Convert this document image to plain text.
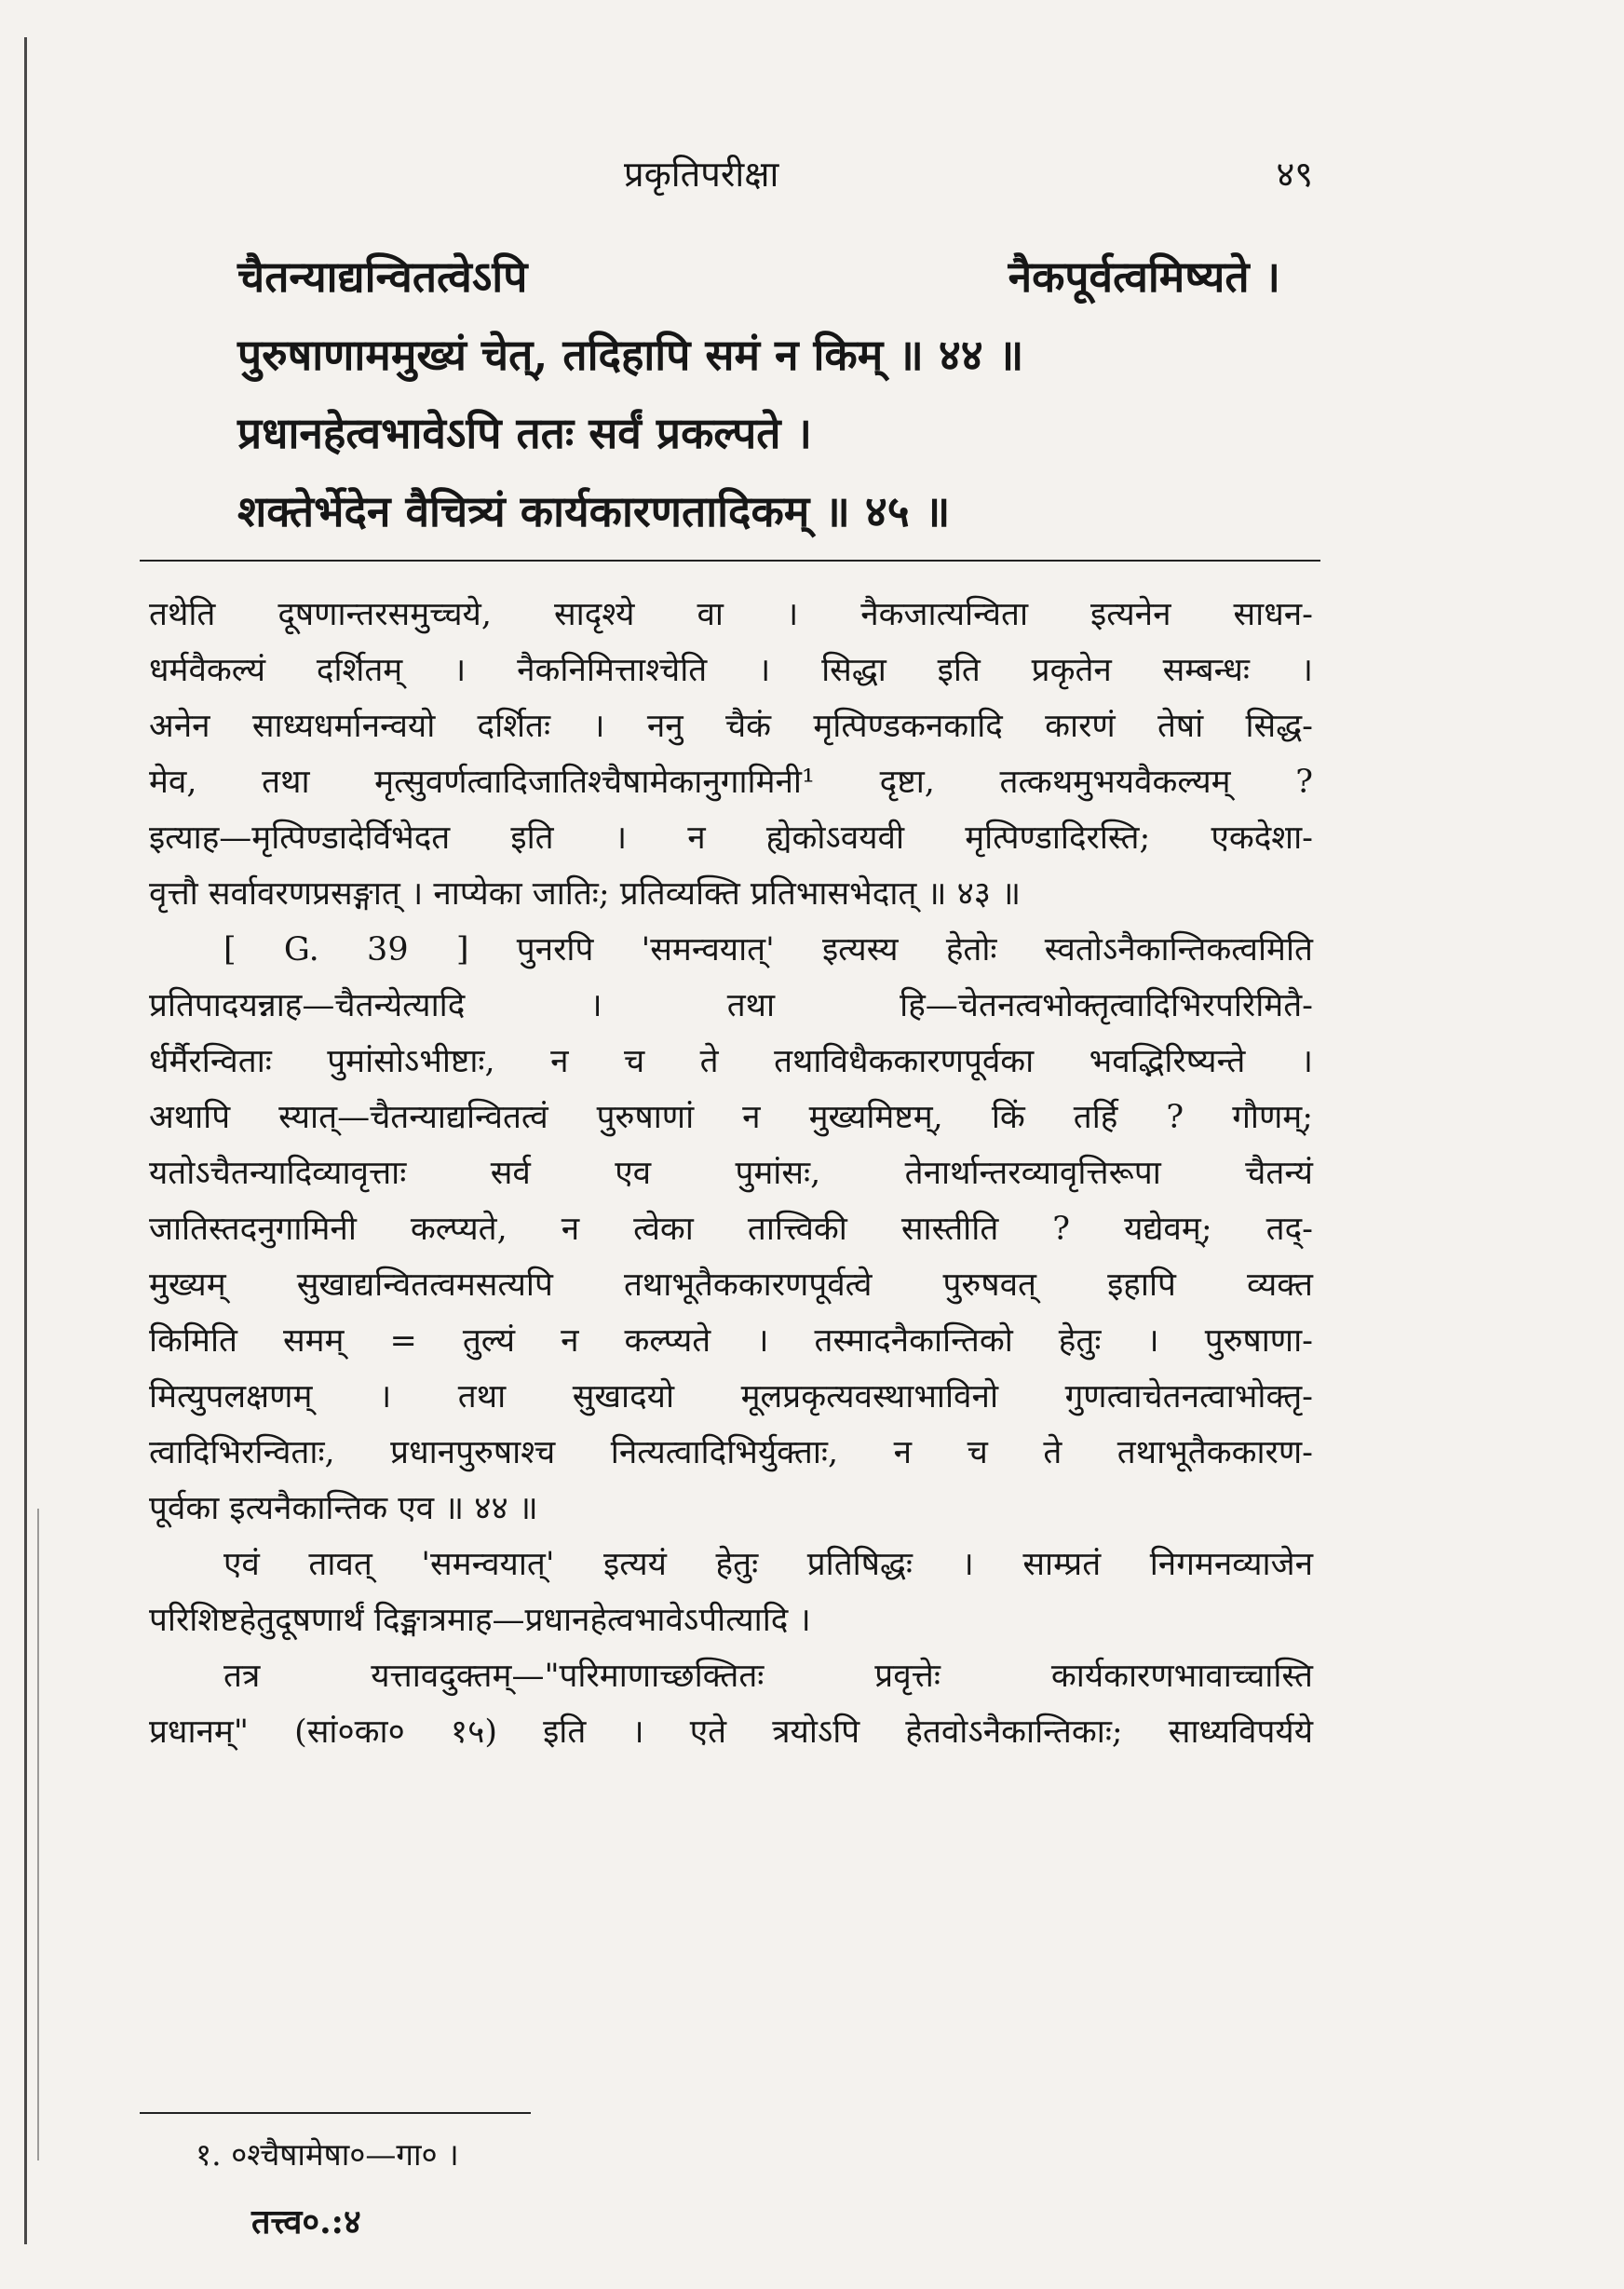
प्रकृतिपरीक्षा	४९
चैतन्याद्यन्वितत्वेऽपि	नैकपूर्वत्वमिष्यते ।
पुरुषाणाममुख्यं चेत्, तदिहापि समं न किम् ॥ ४४ ॥
प्रधानहेत्वभावेऽपि ततः सर्वं प्रकल्पते ।
शक्तेर्भेदेन वैचित्र्यं कार्यकारणतादिकम् ॥ ४५ ॥
तथेति दूषणान्तरसमुच्चये, सादृश्ये वा । नैकजात्यन्विता इत्यनेन साधन-
धर्मवैकल्यं दर्शितम् । नैकनिमित्ताश्चेति । सिद्धा इति प्रकृतेन सम्बन्धः ।
अनेन साध्यधर्मानन्वयो दर्शितः । ननु चैकं मृत्पिण्डकनकादि कारणं तेषां सिद्ध-
मेव, तथा मृत्सुवर्णत्वादिजातिश्चैषामेकानुगामिनी¹ दृष्टा, तत्कथमुभयवैकल्यम् ?
इत्याह—मृत्पिण्डादेर्विभेदत इति । न ह्येकोऽवयवी मृत्पिण्डादिरस्ति; एकदेशा-
वृत्तौ सर्वावरणप्रसङ्गात् । नाप्येका जातिः; प्रतिव्यक्ति प्रतिभासभेदात् ॥ ४३ ॥
[ G. 39 ] पुनरपि 'समन्वयात्' इत्यस्य हेतोः स्वतोऽनैकान्तिकत्वमिति
प्रतिपादयन्नाह—चैतन्येत्यादि । तथा हि—चेतनत्वभोक्तृत्वादिभिरपरिमितै-
र्धर्मैरन्विताः पुमांसोऽभीष्टाः, न च ते तथाविधैककारणपूर्वका भवद्भिरिष्यन्ते ।
अथापि स्यात्—चैतन्याद्यन्वितत्वं पुरुषाणां न मुख्यमिष्टम्, किं तर्हि ? गौणम्;
यतोऽचैतन्यादिव्यावृत्ताः सर्व एव पुमांसः, तेनार्थान्तरव्यावृत्तिरूपा चैतन्यं
जातिस्तदनुगामिनी कल्प्यते, न त्वेका तात्त्विकी सास्तीति ? यद्येवम्; तद्-
मुख्यम् सुखाद्यन्वितत्वमसत्यपि तथाभूतैककारणपूर्वत्वे पुरुषवत् इहापि व्यक्त
किमिति समम् = तुल्यं न कल्प्यते । तस्मादनैकान्तिको हेतुः । पुरुषाणा-
मित्युपलक्षणम् । तथा सुखादयो मूलप्रकृत्यवस्थाभाविनो गुणत्वाचेतनत्वाभोक्तृ-
त्वादिभिरन्विताः, प्रधानपुरुषाश्च नित्यत्वादिभिर्युक्ताः, न च ते तथाभूतैककारण-
पूर्वका इत्यनैकान्तिक एव ॥ ४४ ॥
एवं तावत् 'समन्वयात्' इत्ययं हेतुः प्रतिषिद्धः । साम्प्रतं निगमनव्याजेन
परिशिष्टहेतुदूषणार्थं दिङ्मात्रमाह—प्रधानहेत्वभावेऽपीत्यादि ।
तत्र यत्तावदुक्तम्—"परिमाणाच्छक्तितः प्रवृत्तेः कार्यकारणभावाच्चास्ति
प्रधानम्" (सां०का० १५) इति । एते त्रयोऽपि हेतवोऽनैकान्तिकाः; साध्यविपर्यये
१. ०श्चैषामेषा०—गा० ।
तत्त्व०.:४
